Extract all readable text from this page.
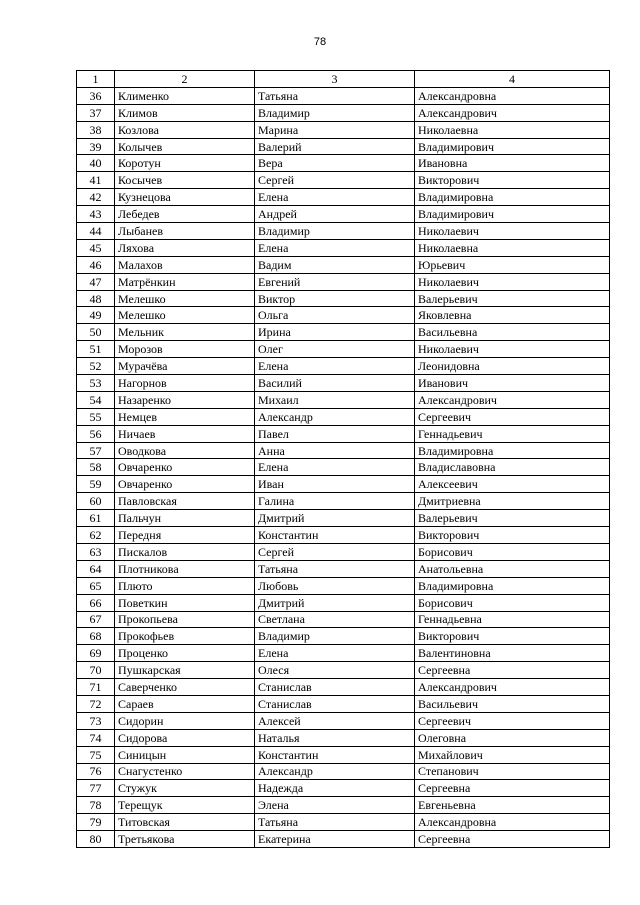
78
1	2	3	4
36	Клименко	Татьяна	Александровна
37	Климов	Владимир	Александрович
38	Козлова	Марина	Николаевна
39	Колычев	Валерий	Владимирович
40	Коротун	Вера	Ивановна
41	Косычев	Сергей	Викторович
42	Кузнецова	Елена	Владимировна
43	Лебедев	Андрей	Владимирович
44	Лыбанев	Владимир	Николаевич
45	Ляхова	Елена	Николаевна
46	Малахов	Вадим	Юрьевич
47	Матрёнкин	Евгений	Николаевич
48	Мелешко	Виктор	Валерьевич
49	Мелешко	Ольга	Яковлевна
50	Мельник	Ирина	Васильевна
51	Морозов	Олег	Николаевич
52	Мурачёва	Елена	Леонидовна
53	Нагорнов	Василий	Иванович
54	Назаренко	Михаил	Александрович
55	Немцев	Александр	Сергеевич
56	Ничаев	Павел	Геннадьевич
57	Оводкова	Анна	Владимировна
58	Овчаренко	Елена	Владиславовна
59	Овчаренко	Иван	Алексеевич
60	Павловская	Галина	Дмитриевна
61	Пальчун	Дмитрий	Валерьевич
62	Передня	Константин	Викторович
63	Пискалов	Сергей	Борисович
64	Плотникова	Татьяна	Анатольевна
65	Плюто	Любовь	Владимировна
66	Поветкин	Дмитрий	Борисович
67	Прокопьева	Светлана	Геннадьевна
68	Прокофьев	Владимир	Викторович
69	Проценко	Елена	Валентиновна
70	Пушкарская	Олеся	Сергеевна
71	Саверченко	Станислав	Александрович
72	Сараев	Станислав	Васильевич
73	Сидорин	Алексей	Сергеевич
74	Сидорова	Наталья	Олеговна
75	Синицын	Константин	Михайлович
76	Снагустенко	Александр	Степанович
77	Стужук	Надежда	Сергеевна
78	Терещук	Элена	Евгеньевна
79	Титовская	Татьяна	Александровна
80	Третьякова	Екатерина	Сергеевна
